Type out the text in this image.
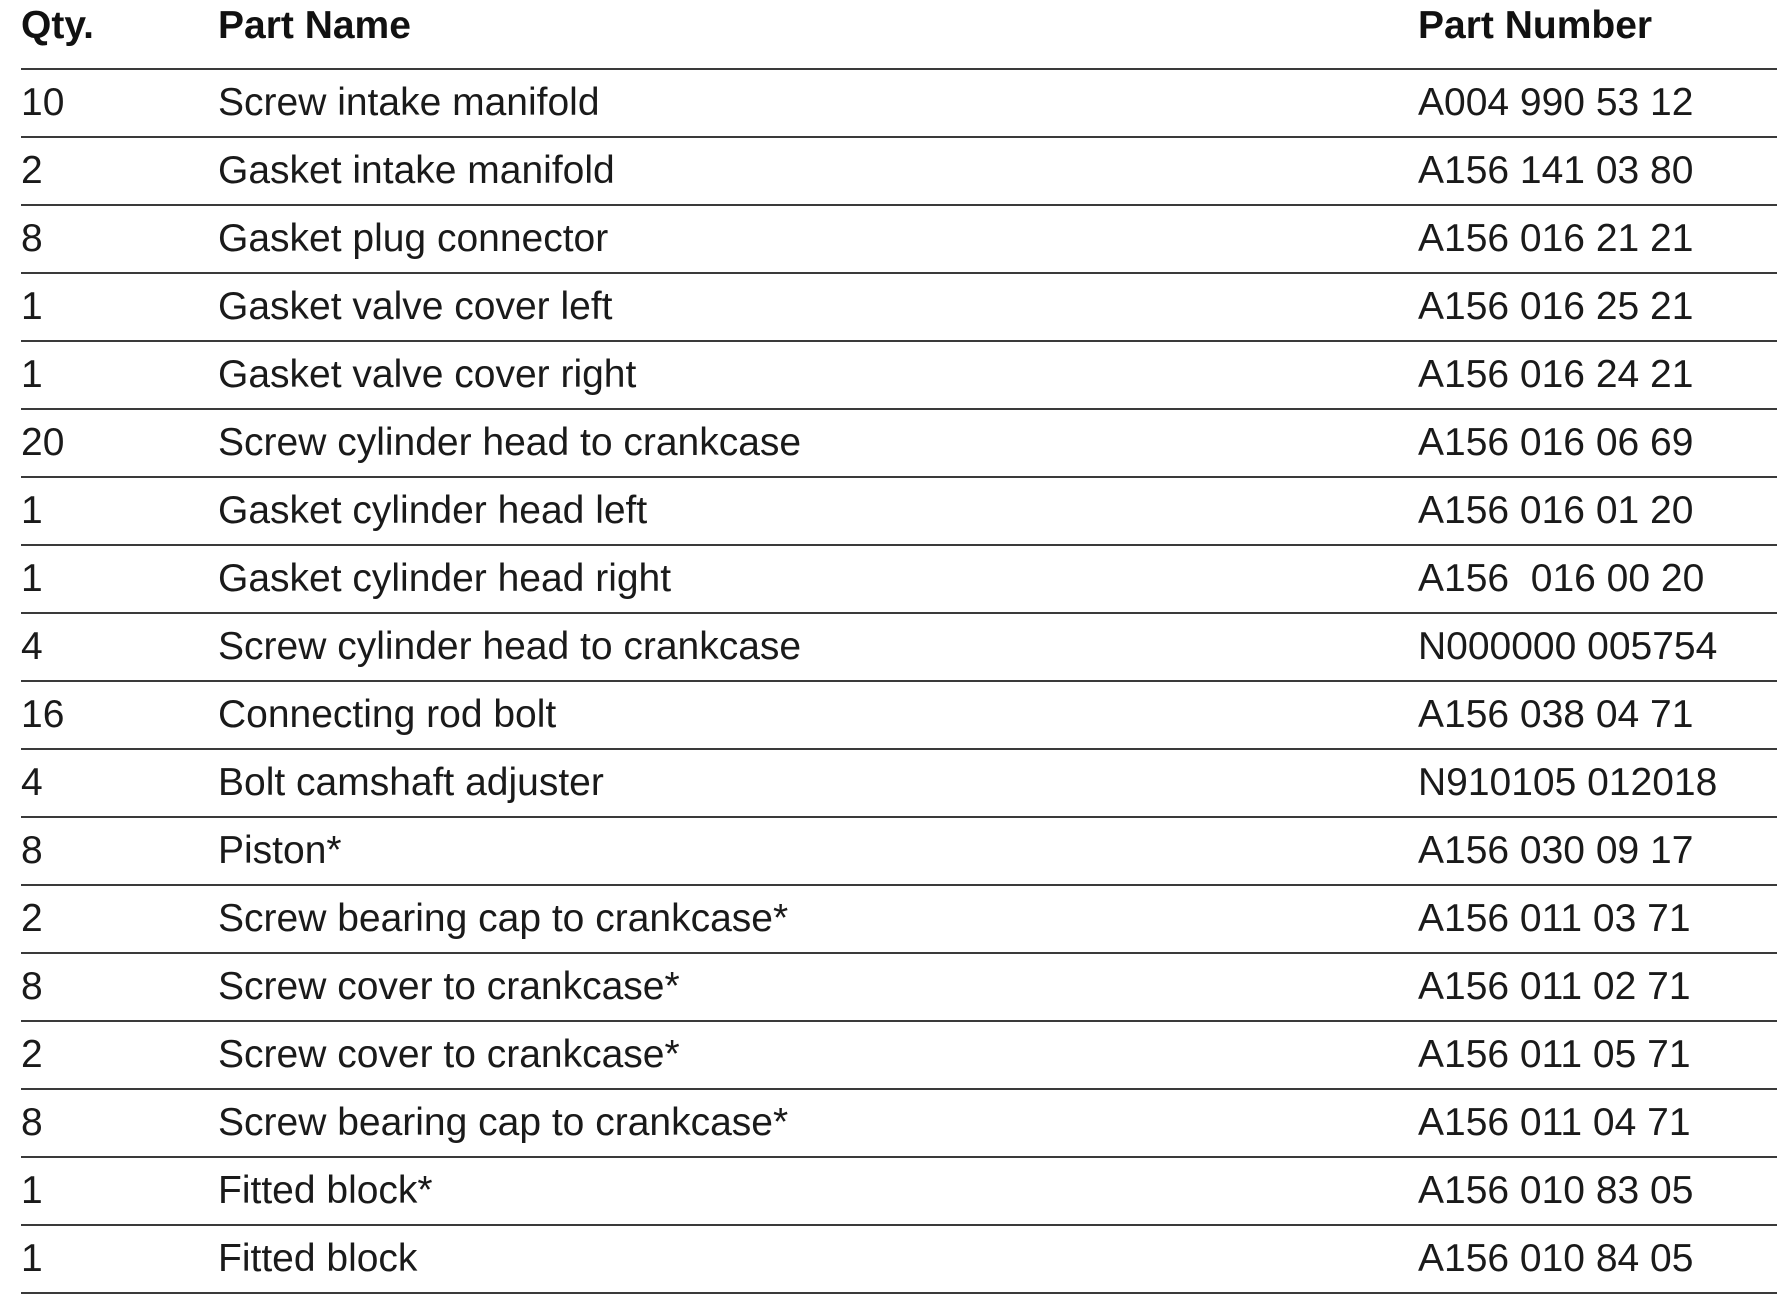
Qty.	Part Name	Part Number
10	Screw intake manifold	A004 990 53 12
2	Gasket intake manifold	A156 141 03 80
8	Gasket plug connector	A156 016 21 21
1	Gasket valve cover left	A156 016 25 21
1	Gasket valve cover right	A156 016 24 21
20	Screw cylinder head to crankcase	A156 016 06 69
1	Gasket cylinder head left	A156 016 01 20
1	Gasket cylinder head right	A156  016 00 20
4	Screw cylinder head to crankcase	N000000 005754
16	Connecting rod bolt	A156 038 04 71
4	Bolt camshaft adjuster	N910105 012018
8	Piston*	A156 030 09 17
2	Screw bearing cap to crankcase*	A156 011 03 71
8	Screw cover to crankcase*	A156 011 02 71
2	Screw cover to crankcase*	A156 011 05 71
8	Screw bearing cap to crankcase*	A156 011 04 71
1	Fitted block*	A156 010 83 05
1	Fitted block	A156 010 84 05
